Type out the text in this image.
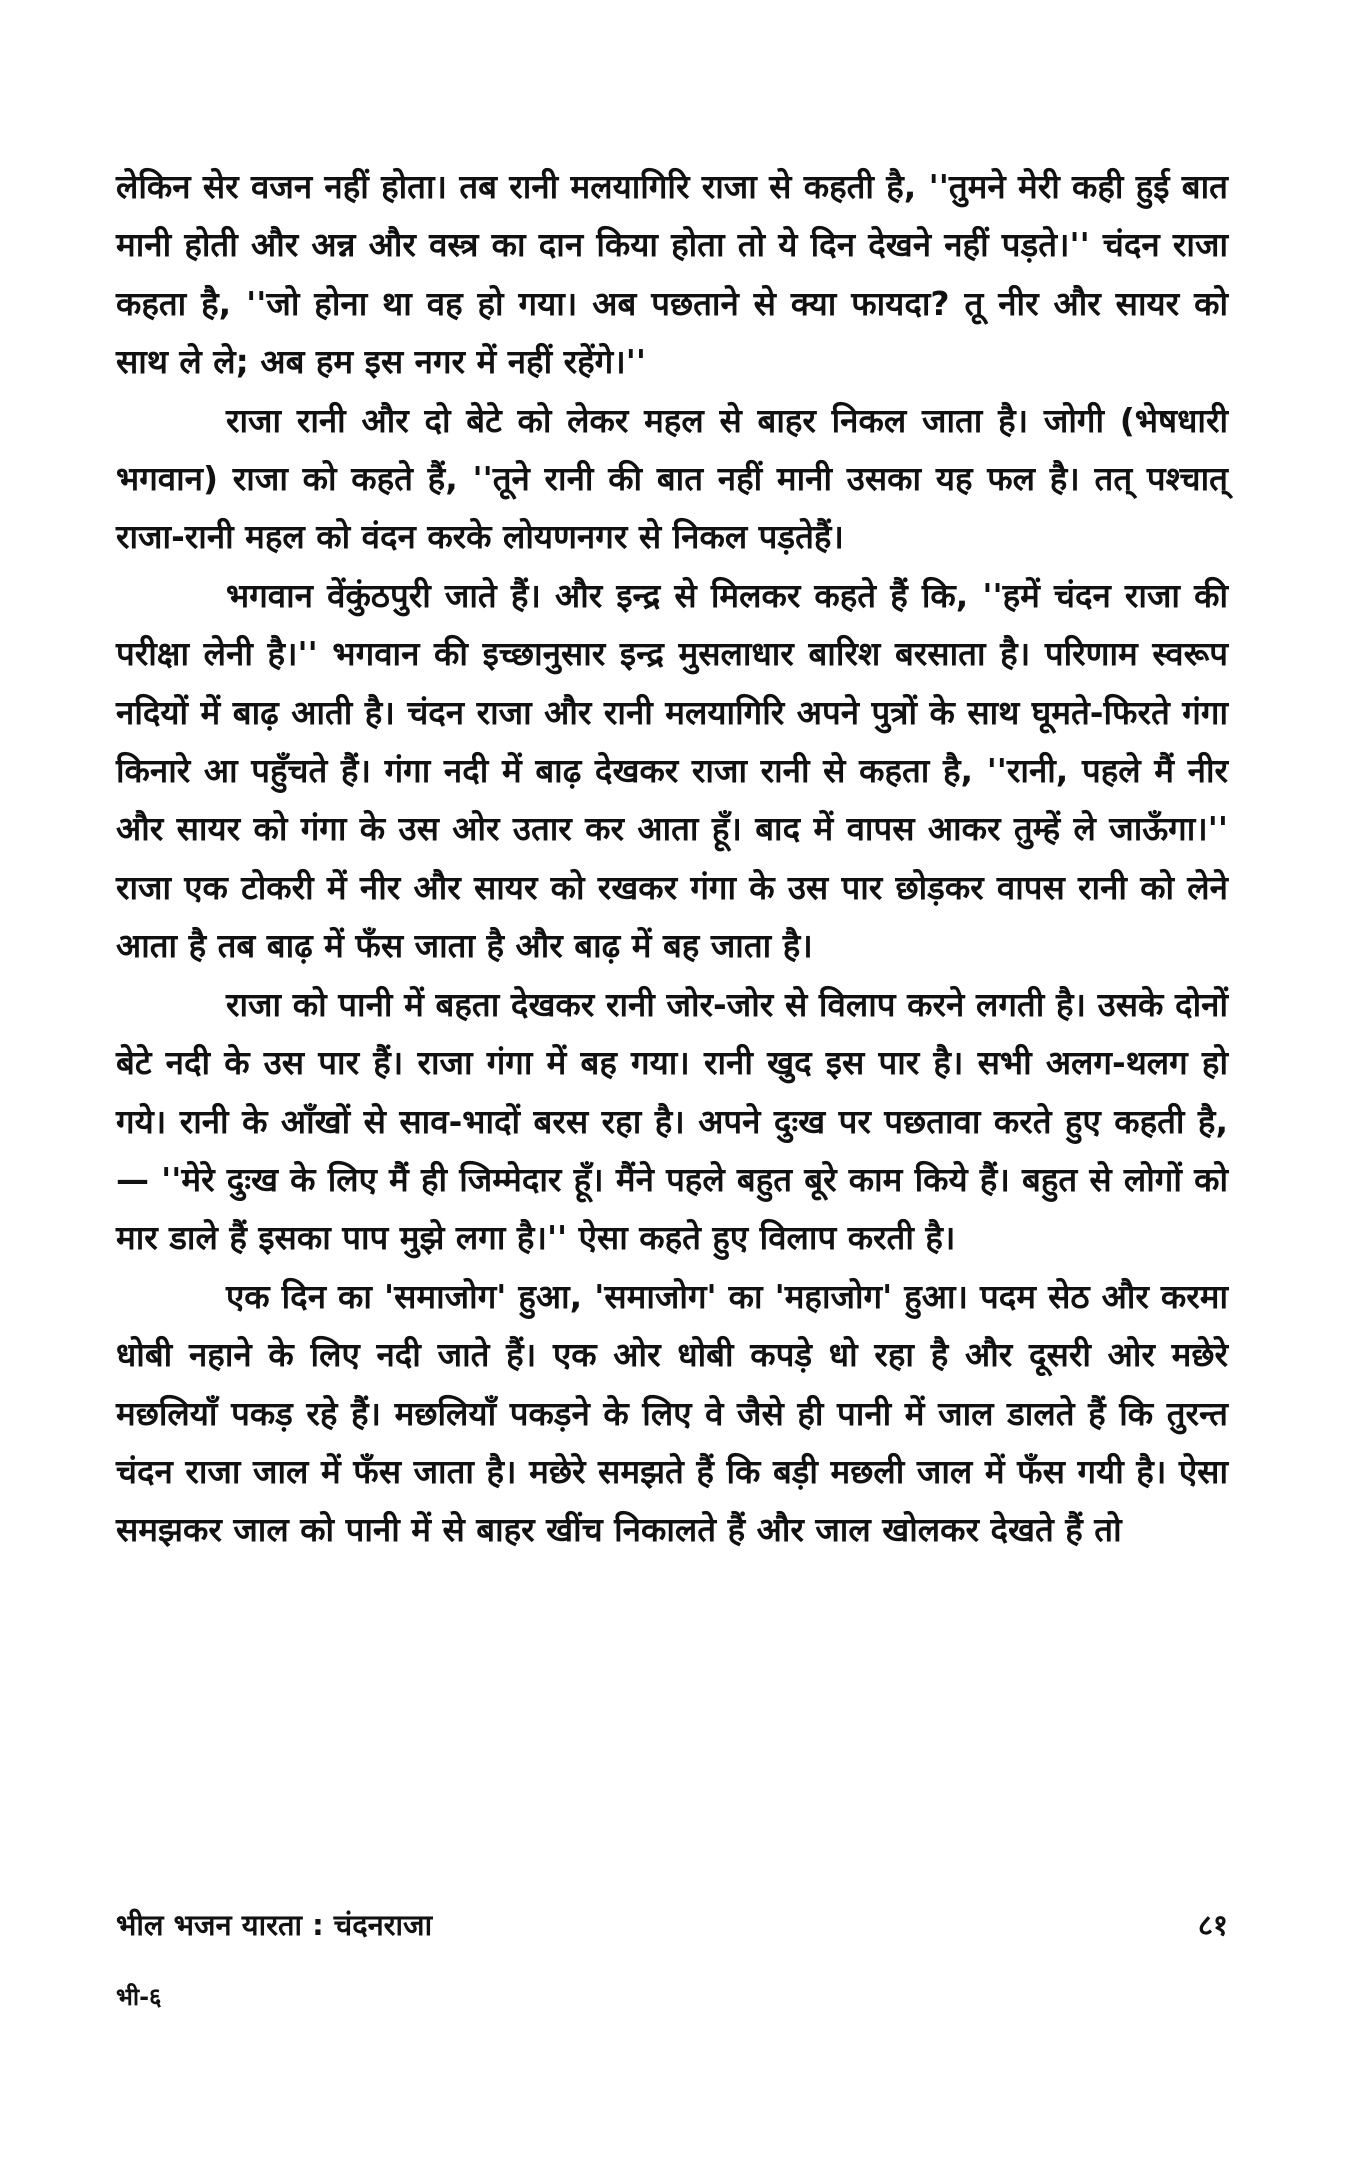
लेकिन सेर वजन नहीं होता। तब रानी मलयागिरि राजा से कहती है, ''तुमने मेरी कही हुई बात मानी होती और अन्न और वस्त्र का दान किया होता तो ये दिन देखने नहीं पड़ते।'' चंदन राजा कहता है, ''जो होना था वह हो गया। अब पछताने से क्या फायदा? तू नीर और सायर को साथ ले ले; अब हम इस नगर में नहीं रहेंगे।''

राजा रानी और दो बेटे को लेकर महल से बाहर निकल जाता है। जोगी (भेषधारी भगवान) राजा को कहते हैं, ''तूने रानी की बात नहीं मानी उसका यह फल है। तत् पश्चात् राजा-रानी महल को वंदन करके लोयणनगर से निकल पड़तेहैं।

भगवान वेंकुंठपुरी जाते हैं। और इन्द्र से मिलकर कहते हैं कि, ''हमें चंदन राजा की परीक्षा लेनी है।'' भगवान की इच्छानुसार इन्द्र मुसलाधार बारिश बरसाता है। परिणाम स्वरूप नदियों में बाढ़ आती है। चंदन राजा और रानी मलयागिरि अपने पुत्रों के साथ घूमते-फिरते गंगा किनारे आ पहुँचते हैं। गंगा नदी में बाढ़ देखकर राजा रानी से कहता है, ''रानी, पहले मैं नीर और सायर को गंगा के उस ओर उतार कर आता हूँ। बाद में वापस आकर तुम्हें ले जाऊँगा।'' राजा एक टोकरी में नीर और सायर को रखकर गंगा के उस पार छोड़कर वापस रानी को लेने आता है तब बाढ़ में फँस जाता है और बाढ़ में बह जाता है।

राजा को पानी में बहता देखकर रानी जोर-जोर से विलाप करने लगती है। उसके दोनों बेटे नदी के उस पार हैं। राजा गंगा में बह गया। रानी खुद इस पार है। सभी अलग-थलग हो गये। रानी के आँखों से साव-भादों बरस रहा है। अपने दुःख पर पछतावा करते हुए कहती है, — ''मेरे दुःख के लिए मैं ही जिम्मेदार हूँ। मैंने पहले बहुत बूरे काम किये हैं। बहुत से लोगों को मार डाले हैं इसका पाप मुझे लगा है।'' ऐसा कहते हुए विलाप करती है।

एक दिन का 'समाजोग' हुआ, 'समाजोग' का 'महाजोग' हुआ। पदम सेठ और करमा धोबी नहाने के लिए नदी जाते हैं। एक ओर धोबी कपड़े धो रहा है और दूसरी ओर मछेरे मछलियाँ पकड़ रहे हैं। मछलियाँ पकड़ने के लिए वे जैसे ही पानी में जाल डालते हैं कि तुरन्त चंदन राजा जाल में फँस जाता है। मछेरे समझते हैं कि बड़ी मछली जाल में फँस गयी है। ऐसा समझकर जाल को पानी में से बाहर खींच निकालते हैं और जाल खोलकर देखते हैं तो

भील भजन यारता : चंदनराजा	८१
भी-६
